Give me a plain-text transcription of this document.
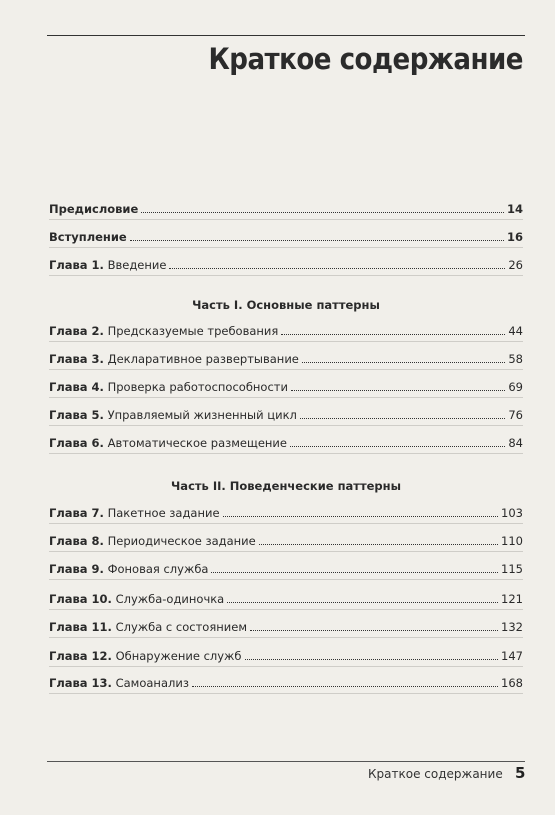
Краткое содержание
Предисловие	14
Вступление	16
Глава 1. Введение	26
Часть I. Основные паттерны
Глава 2. Предсказуемые требования	44
Глава 3. Декларативное развертывание	58
Глава 4. Проверка работоспособности	69
Глава 5. Управляемый жизненный цикл	76
Глава 6. Автоматическое размещение	84
Часть II. Поведенческие паттерны
Глава 7. Пакетное задание	103
Глава 8. Периодическое задание	110
Глава 9. Фоновая служба	115
Глава 10. Служба-одиночка	121
Глава 11. Служба с состоянием	132
Глава 12. Обнаружение служб	147
Глава 13. Самоанализ	168
Краткое содержание 5
